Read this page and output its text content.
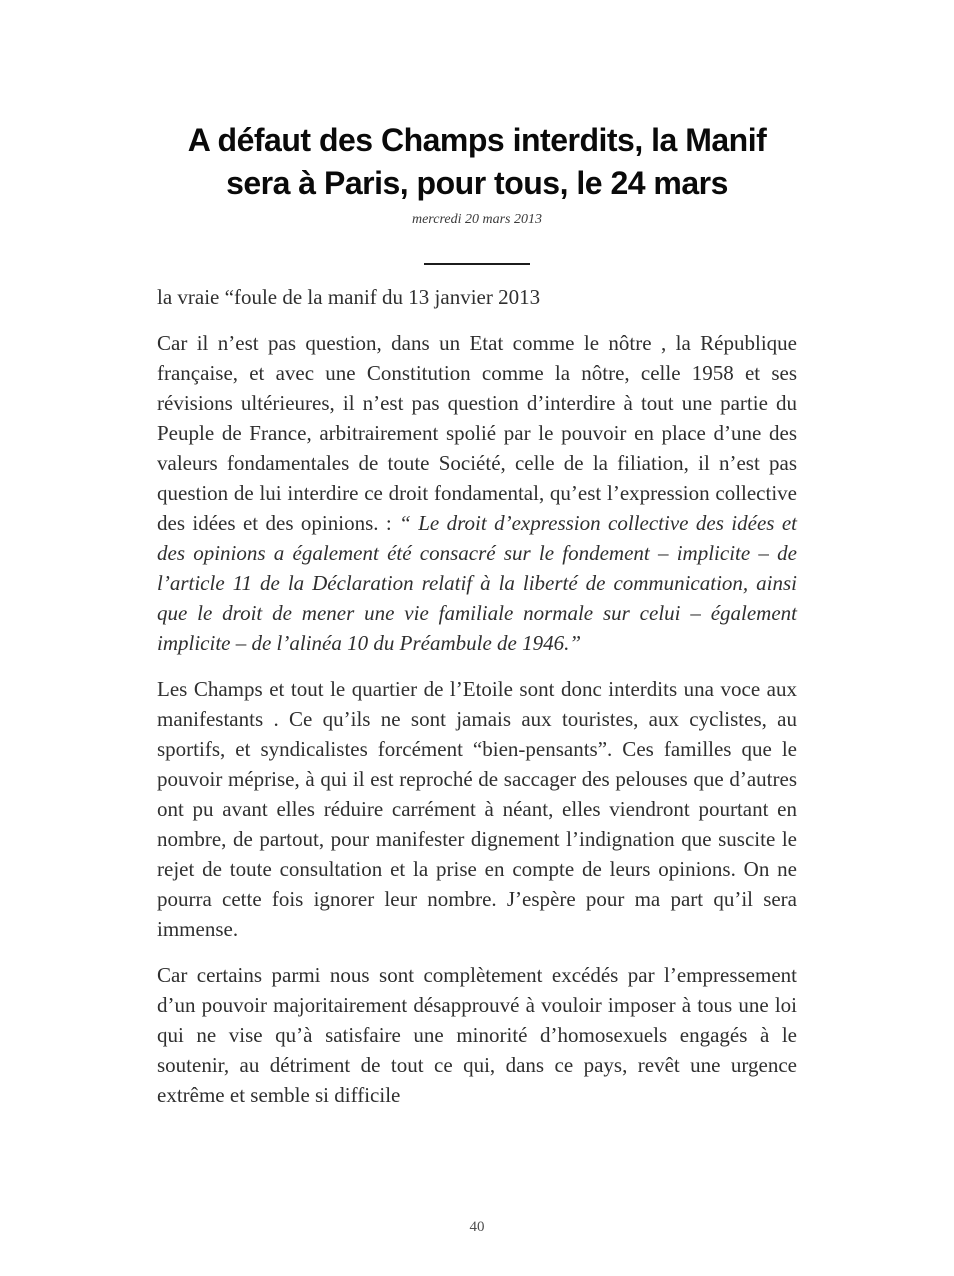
A défaut des Champs interdits, la Manif
sera à Paris, pour tous, le 24 mars
mercredi 20 mars 2013
la vraie “foule de la manif du 13 janvier 2013

Car il n’est pas question, dans un Etat comme le nôtre , la République française, et avec une Constitution comme la nôtre, celle 1958 et ses révisions ultérieures, il n’est pas question d’interdire à tout une partie du Peuple de France, arbitrairement spolié par le pouvoir en place d’une des valeurs fondamentales de toute Société, celle de la filiation, il n’est pas question de lui interdire ce droit fondamental, qu’est l’expression collective des idées et des opinions. : “ Le droit d’expression collective des idées et des opinions a également été consacré sur le fondement – implicite – de l’article 11 de la Déclaration relatif à la liberté de communication, ainsi que le droit de mener une vie familiale normale sur celui – également implicite – de l’alinéa 10 du Préambule de 1946.”

Les Champs et tout le quartier de l’Etoile sont donc interdits una voce aux manifestants . Ce qu’ils ne sont jamais aux touristes, aux cyclistes, au sportifs, et syndicalistes forcément “bien-pensants”. Ces familles que le pouvoir méprise, à qui il est reproché de saccager des pelouses que d’autres ont pu avant elles réduire carrément à néant, elles viendront pourtant en nombre, de partout, pour manifester dignement l’indignation que suscite le rejet de toute consultation et la prise en compte de leurs opinions. On ne pourra cette fois ignorer leur nombre. J’espère pour ma part qu’il sera immense.

Car certains parmi nous sont complètement excédés par l’empressement d’un pouvoir majoritairement désapprouvé à vouloir imposer à tous une loi qui ne vise qu’à satisfaire une minorité d’homosexuels engagés à le soutenir, au détriment de tout ce qui, dans ce pays, revêt une urgence extrême et semble si difficile

40
